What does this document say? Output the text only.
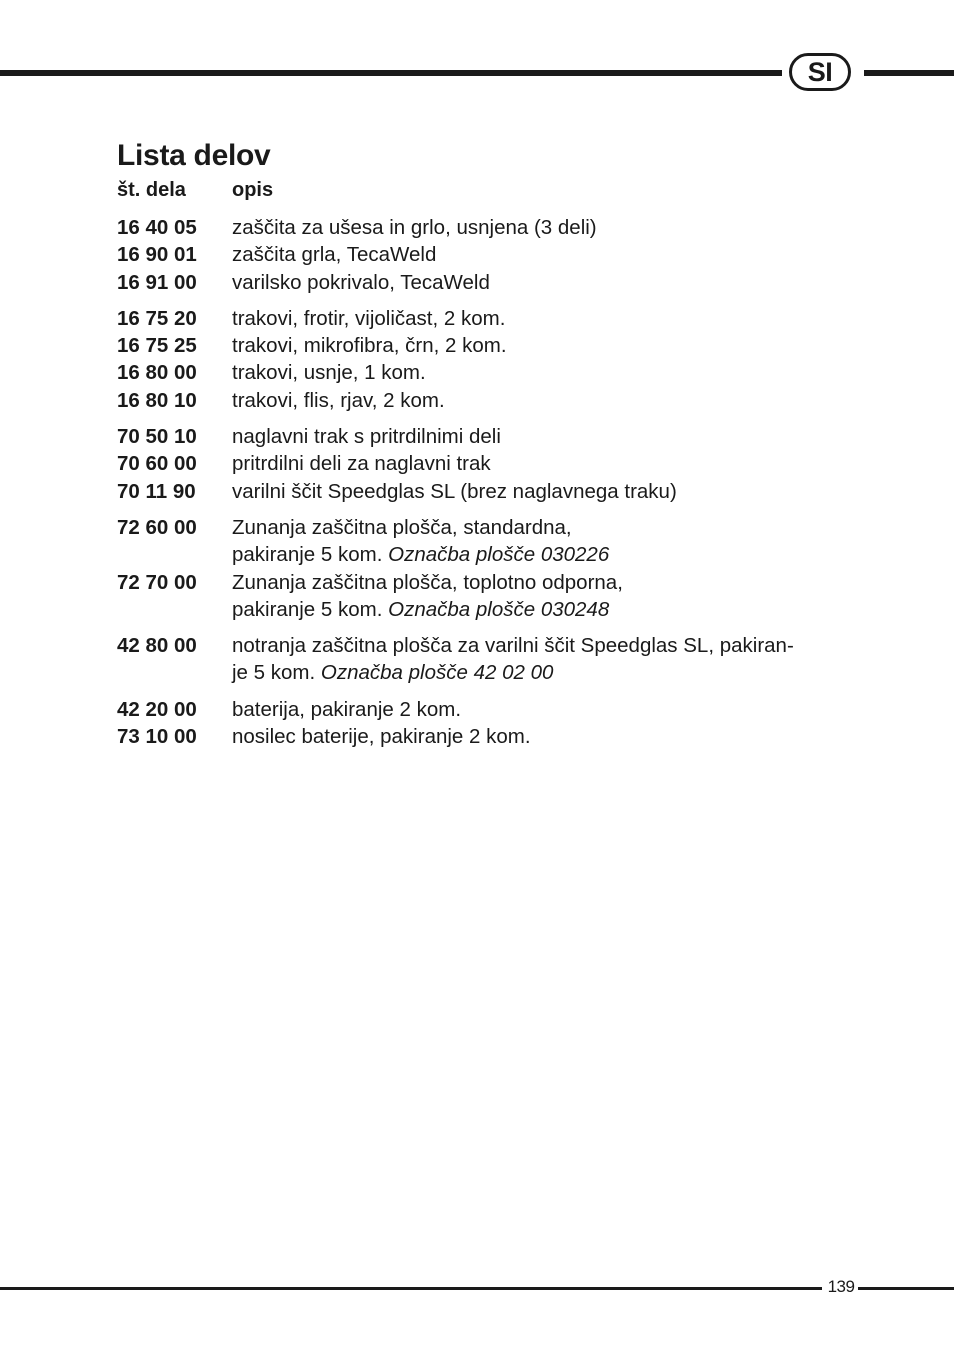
SI
Lista delov
št. dela opis
16 40 05 zaščita za ušesa in grlo, usnjena (3 deli)
16 90 01 zaščita grla, TecaWeld
16 91 00 varilsko pokrivalo, TecaWeld
16 75 20 trakovi, frotir, vijoličast, 2 kom.
16 75 25 trakovi, mikrofibra, črn, 2 kom.
16 80 00 trakovi, usnje, 1 kom.
16 80 10 trakovi, flis, rjav, 2 kom.
70 50 10 naglavni trak s pritrdilnimi deli
70 60 00 pritrdilni deli za naglavni trak
70 11 90 varilni ščit Speedglas SL (brez naglavnega traku)
72 60 00 Zunanja zaščitna plošča, standardna,
pakiranje 5 kom. Označba plošče 030226
72 70 00 Zunanja zaščitna plošča, toplotno odporna,
pakiranje 5 kom. Označba plošče 030248
42 80 00 notranja zaščitna plošča za varilni ščit Speedglas SL, pakiran-
je 5 kom. Označba plošče 42 02 00
42 20 00 baterija, pakiranje 2 kom.
73 10 00 nosilec baterije, pakiranje 2 kom.
139
